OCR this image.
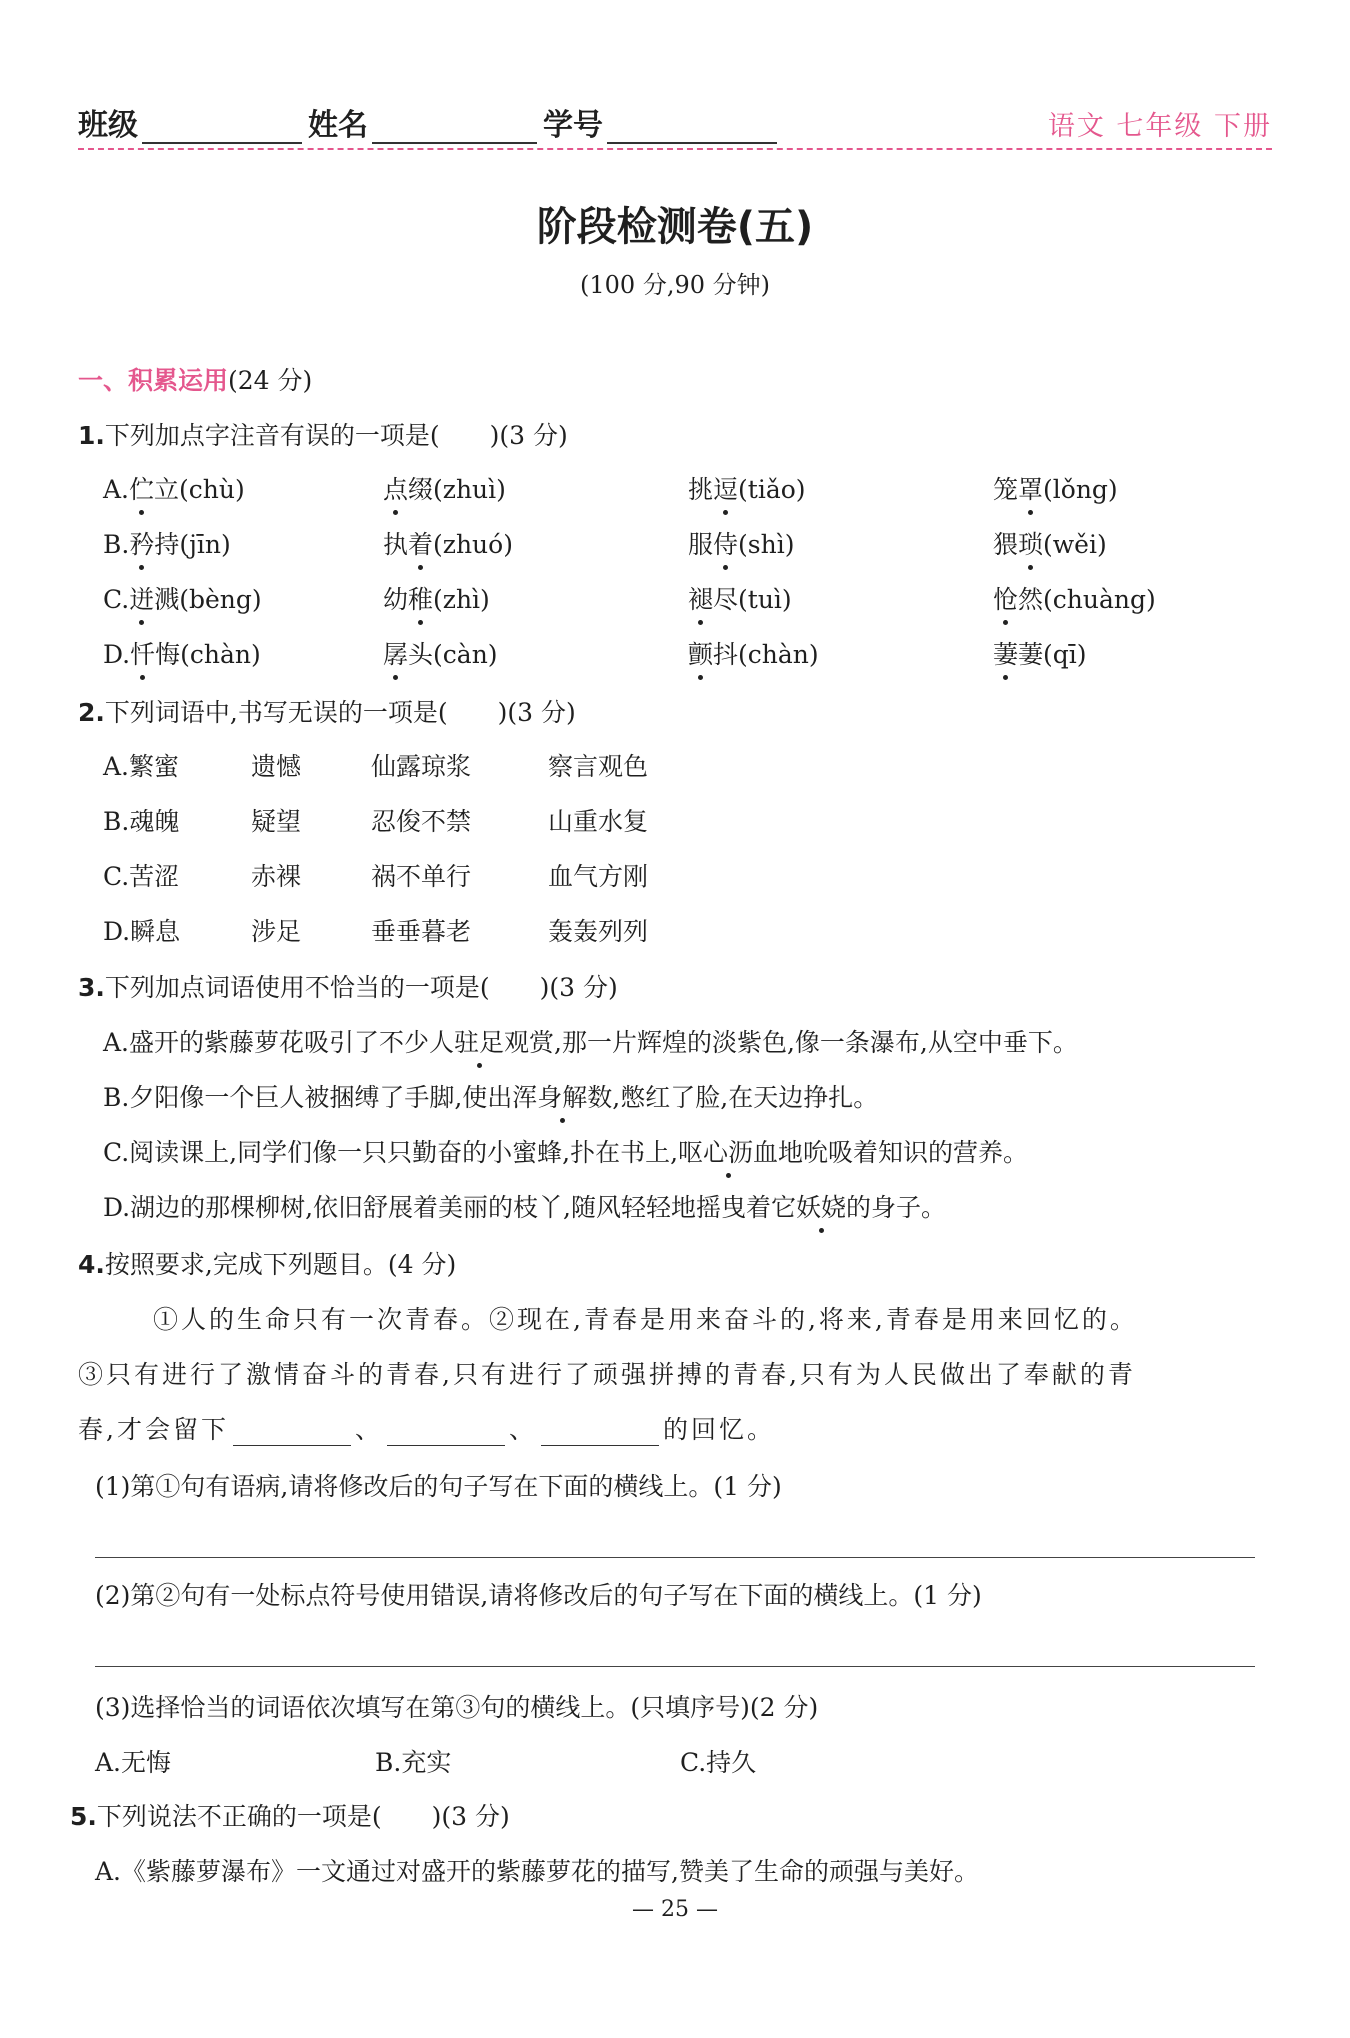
班级	姓名	学号	语文 七年级 下册
阶段检测卷(五)
(100 分,90 分钟)
一、积累运用(24 分)
1.下列加点字注音有误的一项是(　　)(3 分)
A.伫立(chù)	点缀(zhuì)	挑逗(tiǎo)	笼罩(lǒng)
B.矜持(jīn)	执着(zhuó)	服侍(shì)	猥琐(wěi)
C.迸溅(bèng)	幼稚(zhì)	褪尽(tuì)	怆然(chuàng)
D.忏悔(chàn)	孱头(càn)	颤抖(chàn)	萋萋(qī)
2.下列词语中,书写无误的一项是(　　)(3 分)
A.繁蜜	遗憾	仙露琼浆	察言观色
B.魂魄	疑望	忍俊不禁	山重水复
C.苦涩	赤裸	祸不单行	血气方刚
D.瞬息	涉足	垂垂暮老	轰轰列列
3.下列加点词语使用不恰当的一项是(　　)(3 分)
A.盛开的紫藤萝花吸引了不少人驻足观赏,那一片辉煌的淡紫色,像一条瀑布,从空中垂下。
B.夕阳像一个巨人被捆缚了手脚,使出浑身解数,憋红了脸,在天边挣扎。
C.阅读课上,同学们像一只只勤奋的小蜜蜂,扑在书上,呕心沥血地吮吸着知识的营养。
D.湖边的那棵柳树,依旧舒展着美丽的枝丫,随风轻轻地摇曳着它妖娆的身子。
4.按照要求,完成下列题目。(4 分)
①人的生命只有一次青春。②现在,青春是用来奋斗的,将来,青春是用来回忆的。
③只有进行了激情奋斗的青春,只有进行了顽强拼搏的青春,只有为人民做出了奉献的青
春,才会留下	、	、	的回忆。
(1)第①句有语病,请将修改后的句子写在下面的横线上。(1 分)
(2)第②句有一处标点符号使用错误,请将修改后的句子写在下面的横线上。(1 分)
(3)选择恰当的词语依次填写在第③句的横线上。(只填序号)(2 分)
A.无悔	B.充实	C.持久
5.下列说法不正确的一项是(　　)(3 分)
A.《紫藤萝瀑布》一文通过对盛开的紫藤萝花的描写,赞美了生命的顽强与美好。
— 25 —
